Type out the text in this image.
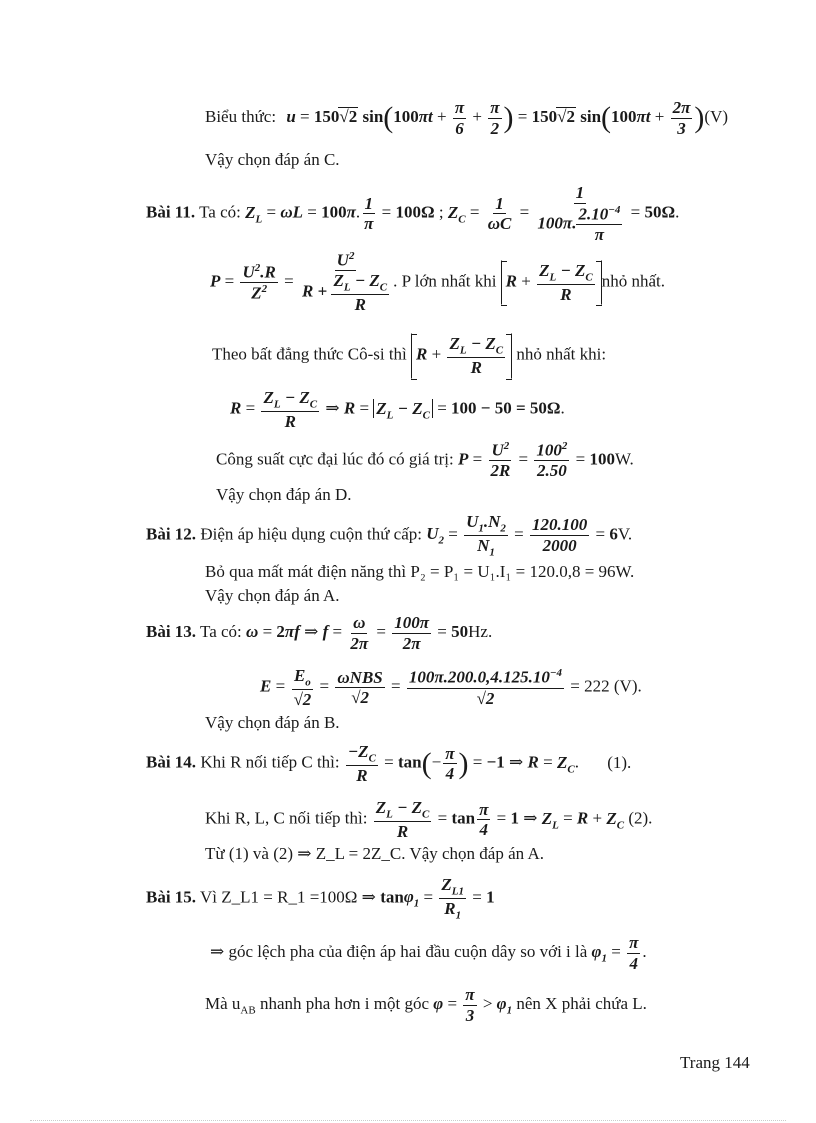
Biểu thức: u = 150√2 $\sin(100\pi t + \frac{\pi}{6} + \frac{\pi}{2}$ ) = 150√2 $\sin(100\pi t + \frac{2\pi}{3} )(V)$
Vậy chọn đáp án C.
Bài 11. Ta có: $Z_L = \omega L = 100\pi$. $\frac{1}{\pi} = 100\Omega$ ; $Z_C = \frac{1}{\omega C} = \frac{1}{100\pi. \frac{2.10^{-4}}{\pi}} = 50\Omega$.
$P = \frac{U^2.R}{Z^2} = \frac{U^2}{R + \frac{Z_L - Z_C}{R}}$ . P lớn nhất khi $R + \frac{Z_L - Z_C}{R}$ nhỏ nhất.
Theo bất đẳng thức Cô-si thì $R + \frac{Z_L - Z_C}{R}$ nhỏ nhất khi:
$R = \frac{Z_L - Z_C}{R}$ ⇒ $R = Z_L - Z_C = 100 - 50 = 50\Omega$.
Công suất cực đại lúc đó có giá trị: $P = \frac{U^2}{2R} = \frac{100^2}{2.50} = 100W$.
Vậy chọn đáp án D.
Bài 12. Điện áp hiệu dụng cuộn thứ cấp: $U_2 = \frac{U_1.N_2}{N_1} = \frac{120.100}{2000} = 6V$.
Bỏ qua mất mát điện năng thì P₂ = P₁ = U₁.I₁ = 120.0,8 = 96W.
Vậy chọn đáp án A.
Bài 13. Ta có: ω = 2πf ⇒ $f = \frac{\omega}{2\pi} = \frac{100\pi}{2\pi} = 50Hz$.
$E = \frac{E_o}{√2} = \frac{\text{ωNBS}}{√2} = \frac{100\pi.200.0,4.125.10^{-4}}{√2} = 222$ (V).
Vậy chọn đáp án B.
Bài 14. Khi R nối tiếp C thì: $\frac{-Z_C}{R} = \tan(- \frac{\pi}{4}$ ) = −1 ⇒ $R = Z_C$. (1).
Khi R, L, C nối tiếp thì: $\frac{Z_L - Z_C}{R} = \tan \frac{\pi}{4} = 1$ ⇒ $Z_L = R + Z_C$ (2).
Từ (1) và (2) ⇒ Z_L = 2Z_C. Vậy chọn đáp án A.
Bài 15. Vì Z_L1 = R_1 =100Ω ⇒ $\tan\varphi_1 = \frac{Z_{L1}}{R_1} = 1$
⇒ góc lệch pha của điện áp hai đầu cuộn dây so với i là $\varphi_1 = \frac{\pi}{4}$ .
Mà $u_{AB}$ nhanh pha hơn i một góc $\varphi = \frac{\pi}{3} > \varphi_1$ nên X phải chứa L.
Trang 144
